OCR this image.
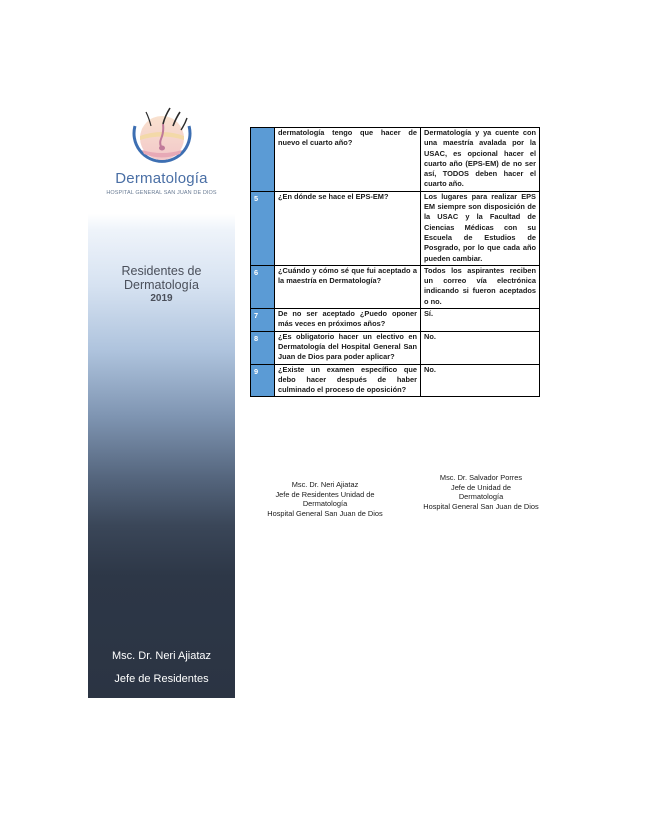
Dermatología
HOSPITAL GENERAL SAN JUAN DE DIOS
Residentes de
Dermatología
2019
Msc. Dr. Neri Ajiataz
Jefe de Residentes
	dermatología tengo que hacer de nuevo el cuarto año?	Dermatología y ya cuente con una maestría avalada por la USAC, es opcional hacer el cuarto año (EPS-EM) de no ser así, TODOS deben hacer el cuarto año.
5	¿En dónde se hace el EPS-EM?	Los lugares para realizar EPS EM siempre son disposición de la USAC y la Facultad de Ciencias Médicas con su Escuela de Estudios de Posgrado, por lo que cada año pueden cambiar.
6	¿Cuándo y cómo sé que fui aceptado a la maestría en Dermatología?	Todos los aspirantes reciben un correo vía electrónica indicando si fueron aceptados o no.
7	De no ser aceptado ¿Puedo oponer más veces en próximos años?	Sí.
8	¿Es obligatorio hacer un electivo en Dermatología del Hospital General San Juan de Dios para poder aplicar?	No.
9	¿Existe un examen específico que debo hacer después de haber culminado el proceso de oposición?	No.
Msc. Dr. Neri Ajiataz
Jefe de Residentes Unidad de
Dermatología
Hospital General San Juan de Dios
Msc. Dr. Salvador Porres
Jefe de Unidad de
Dermatología
Hospital General San Juan de Dios
